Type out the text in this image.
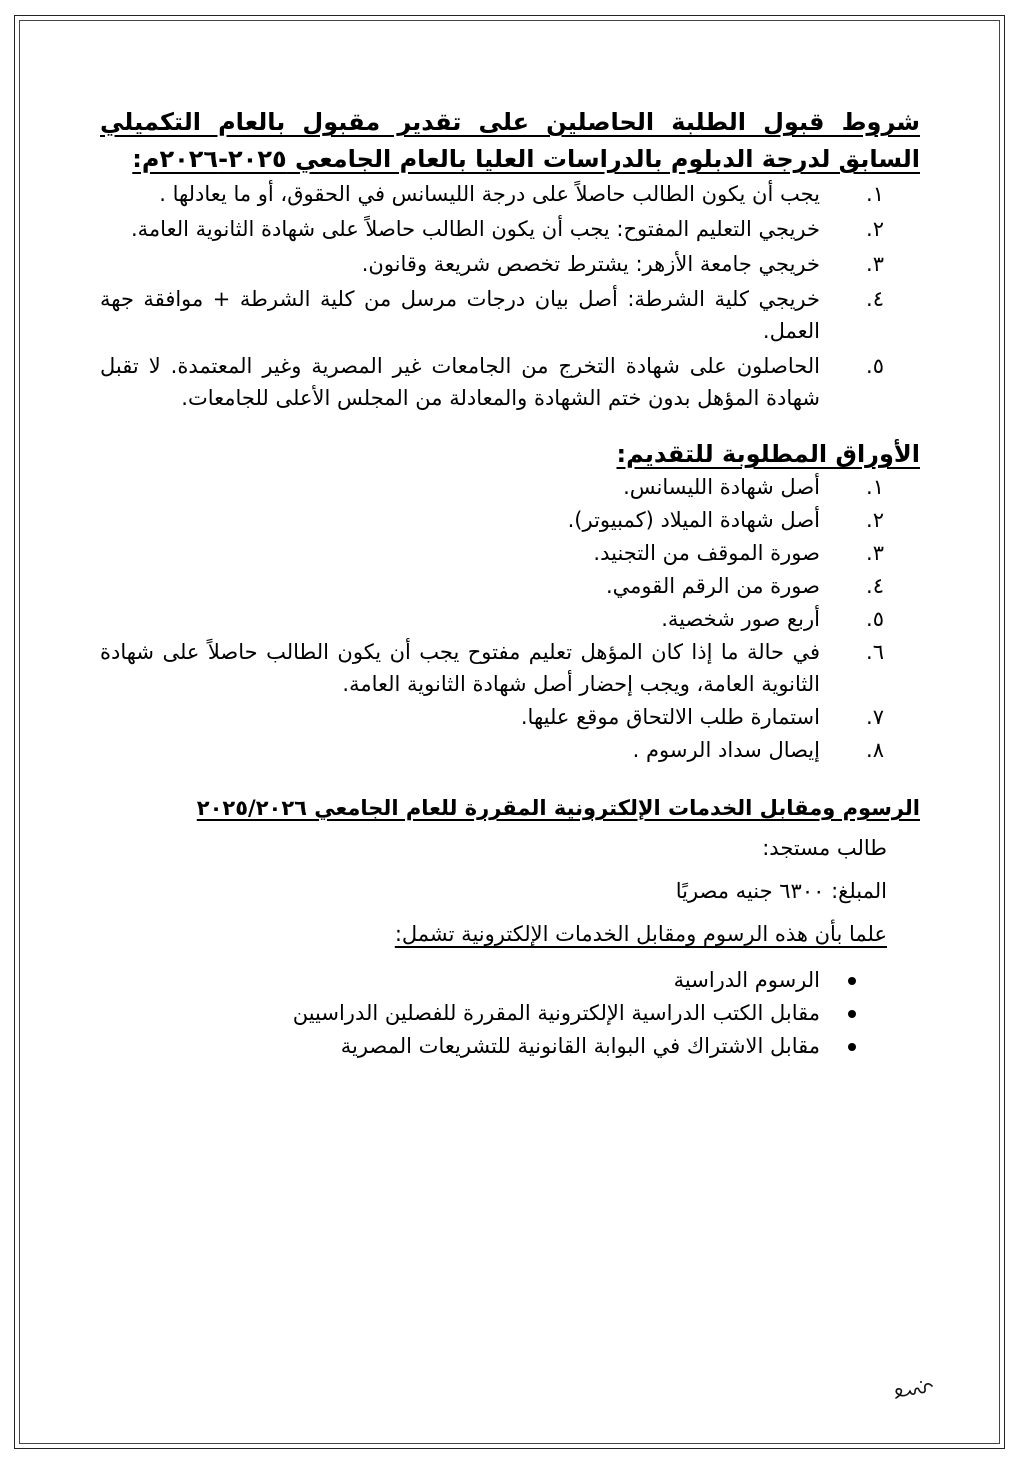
شروط قبول الطلبة الحاصلين على تقدير مقبول بالعام التكميلي السابق لدرجة الدبلوم بالدراسات العليا بالعام الجامعي ٢٠٢٥-٢٠٢٦م:
١.
يجب أن يكون الطالب حاصلاً على درجة الليسانس في الحقوق، أو ما يعادلها .
٢.
خريجي التعليم المفتوح: يجب أن يكون الطالب حاصلاً على شهادة الثانوية العامة.
٣.
خريجي جامعة الأزهر: يشترط تخصص شريعة وقانون.
٤.
خريجي كلية الشرطة: أصل بيان درجات مرسل من كلية الشرطة + موافقة جهة العمل.
٥.
الحاصلون على شهادة التخرج من الجامعات غير المصرية وغير المعتمدة. لا تقبل شهادة المؤهل بدون ختم الشهادة والمعادلة من المجلس الأعلى للجامعات.
الأوراق المطلوبة للتقديم:
١.
أصل شهادة الليسانس.
٢.
أصل شهادة الميلاد (كمبيوتر).
٣.
صورة الموقف من التجنيد.
٤.
صورة من الرقم القومي.
٥.
أربع صور شخصية.
٦.
في حالة ما إذا كان المؤهل تعليم مفتوح يجب أن يكون الطالب حاصلاً على شهادة الثانوية العامة، ويجب إحضار أصل شهادة الثانوية العامة.
٧.
استمارة طلب الالتحاق موقع عليها.
٨.
إيصال سداد الرسوم .
الرسوم ومقابل الخدمات الإلكترونية المقررة للعام الجامعي ٢٠٢٥/٢٠٢٦

طالب مستجد:

المبلغ: ٦٣٠٠ جنيه مصريًا

علما بأن هذه الرسوم ومقابل الخدمات الإلكترونية تشمل:

الرسوم الدراسية
مقابل الكتب الدراسية الإلكترونية المقررة للفصلين الدراسيين
مقابل الاشتراك في البوابة القانونية للتشريعات المصرية
